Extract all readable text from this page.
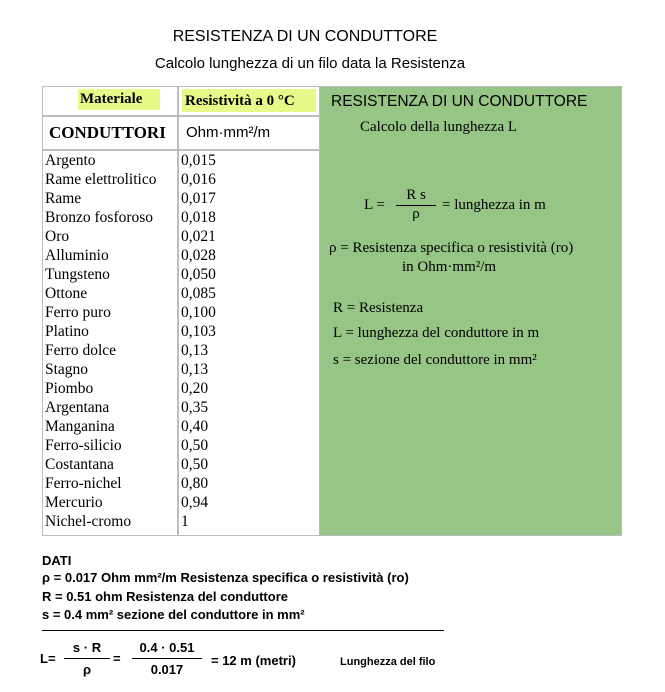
RESISTENZA DI UN CONDUTTORE
Calcolo lunghezza di un filo data la Resistenza
Materiale	Resistività a 0 °C
CONDUTTORI Ohm·mm²/m
Argento	0,015
Rame elettrolitico 0,016
Rame	0,017
Bronzo fosforoso 0,018
Oro	0,021
Alluminio	0,028
Tungsteno	0,050
Ottone	0,085
Ferro puro	0,100
Platino	0,103
Ferro dolce	0,13
Stagno	0,13
Piombo	0,20
Argentana	0,35
Manganina	0,40
Ferro-silicio	0,50
Costantana	0,50
Ferro-nichel	0,80
Mercurio	0,94
Nichel-cromo	1
RESISTENZA DI UN CONDUTTORE
Calcolo della lunghezza L
$L = \frac{\text{R s}}{\rho}$ = lunghezza in m
ρ = Resistenza specifica o resistività (ro)
in Ohm·mm²/m
R = Resistenza
L = lunghezza del conduttore in m
s = sezione del conduttore in mm²
DATI
ρ = 0.017 Ohm mm²/m Resistenza specifica o resistività (ro)
R = 0.51 ohm Resistenza del conduttore
s = 0.4 mm² sezione del conduttore in mm²
$L= \frac{s \cdot R}{\rho} = \frac{0.4 \cdot 0.51}{0.017} = 12$ m (metri)	Lunghezza del filo
